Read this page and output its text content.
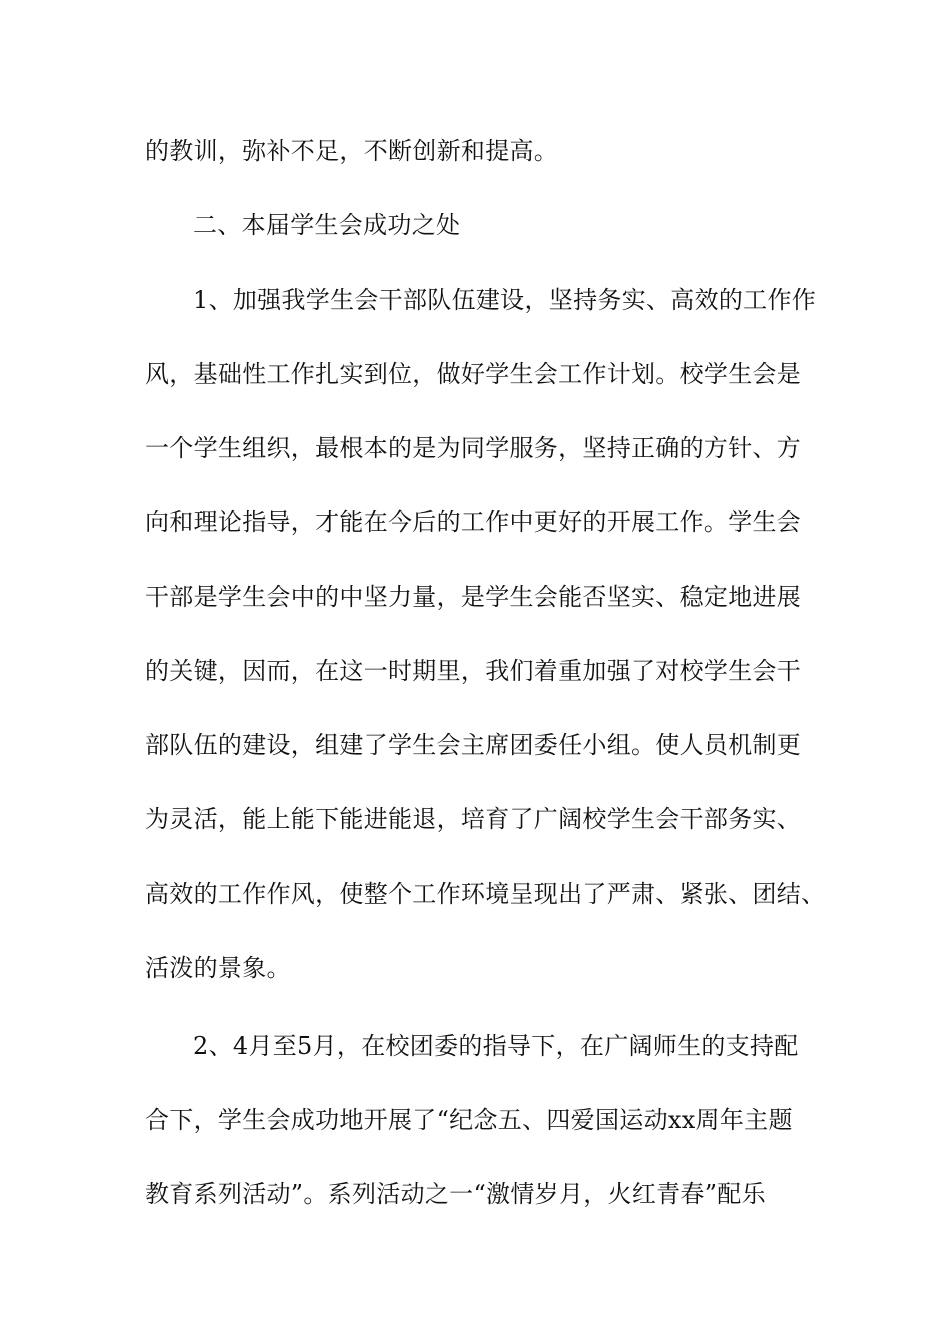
的教训，弥补不足，不断创新和提高。
二、本届学生会成功之处
1、加强我学生会干部队伍建设，坚持务实、高效的工作作
风，基础性工作扎实到位，做好学生会工作计划。校学生会是
一个学生组织，最根本的是为同学服务，坚持正确的方针、方
向和理论指导，才能在今后的工作中更好的开展工作。学生会
干部是学生会中的中坚力量，是学生会能否坚实、稳定地进展
的关键，因而，在这一时期里，我们着重加强了对校学生会干
部队伍的建设，组建了学生会主席团委任小组。使人员机制更
为灵活，能上能下能进能退，培育了广阔校学生会干部务实、
高效的工作作风，使整个工作环境呈现出了严肃、紧张、团结、
活泼的景象。
2、4月至5月，在校团委的指导下，在广阔师生的支持配
合下，学生会成功地开展了“纪念五、四爱国运动xx周年主题
教育系列活动”。系列活动之一“激情岁月，火红青春”配乐
